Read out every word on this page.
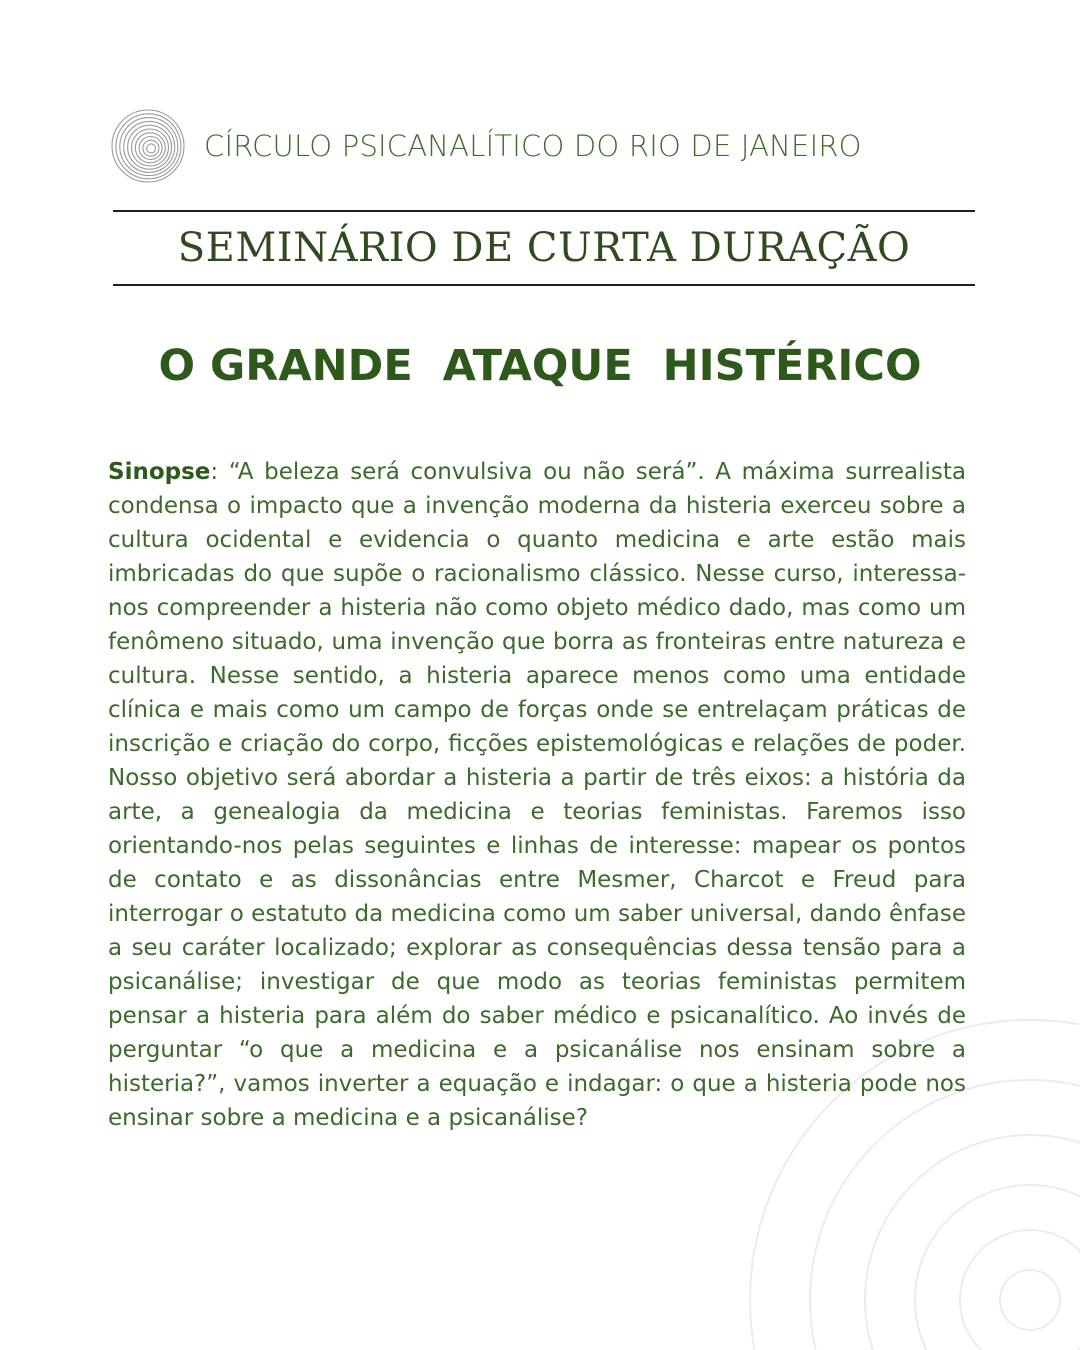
CÍRCULO PSICANALÍTICO DO RIO DE JANEIRO
SEMINÁRIO DE CURTA DURAÇÃO
O GRANDE  ATAQUE  HISTÉRICO

Sinopse: “A beleza será convulsiva ou não será”. A máxima surrealista condensa o impacto que a invenção moderna da histeria exerceu sobre a cultura ocidental e evidencia o quanto medicina e arte estão mais imbricadas do que supõe o racionalismo clássico. Nesse curso, interessa-nos compreender a histeria não como objeto médico dado, mas como um fenômeno situado, uma invenção que borra as fronteiras entre natureza e cultura. Nesse sentido, a histeria aparece menos como uma entidade clínica e mais como um campo de forças onde se entrelaçam práticas de inscrição e criação do corpo, ficções epistemológicas e relações de poder. Nosso objetivo será abordar a histeria a partir de três eixos: a história da arte, a genealogia da medicina e teorias feministas. Faremos isso orientando-nos pelas seguintes e linhas de interesse: mapear os pontos de contato e as dissonâncias entre Mesmer, Charcot e Freud para interrogar o estatuto da medicina como um saber universal, dando ênfase a seu caráter localizado; explorar as consequências dessa tensão para a psicanálise; investigar de que modo as teorias feministas permitem pensar a histeria para além do saber médico e psicanalítico. Ao invés de perguntar “o que a medicina e a psicanálise nos ensinam sobre a histeria?”, vamos inverter a equação e indagar: o que a histeria pode nos ensinar sobre a medicina e a psicanálise?
